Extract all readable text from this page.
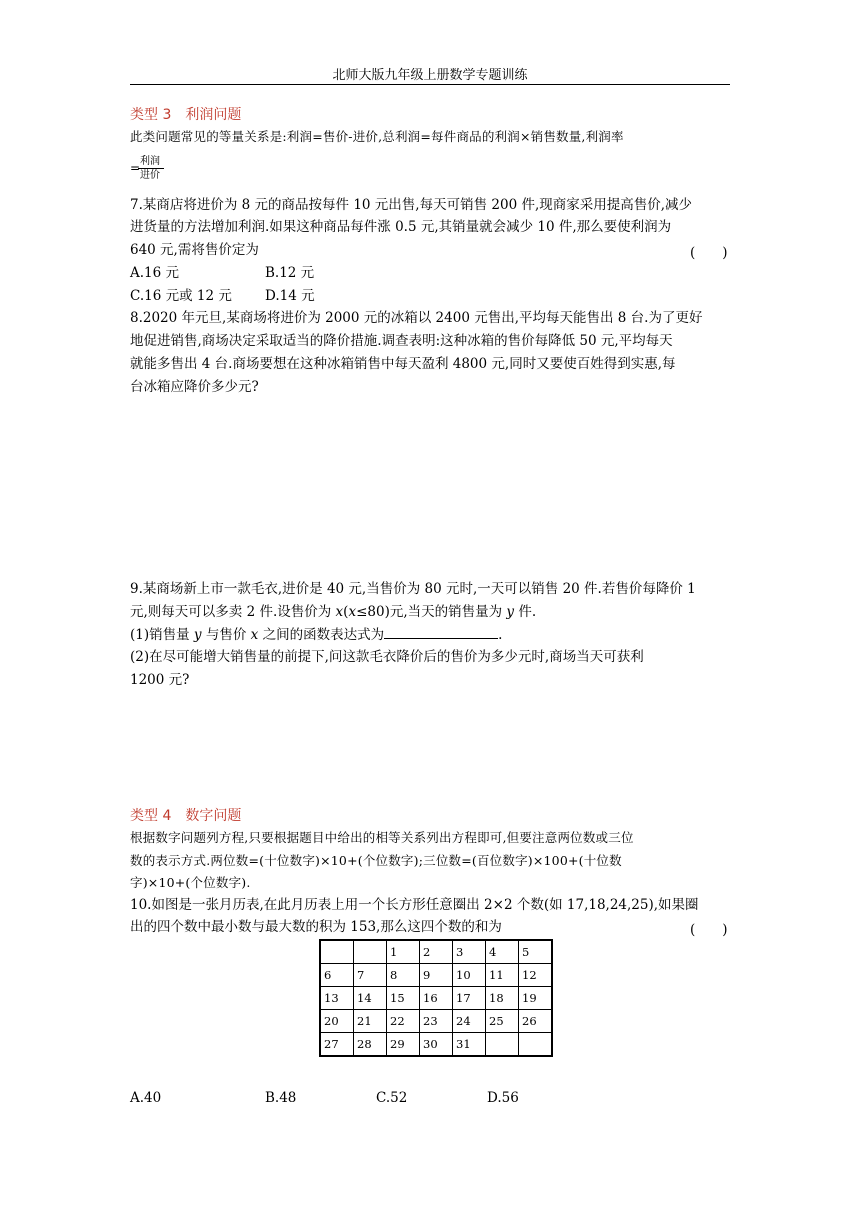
北师大版九年级上册数学专题训练
类型 3　利润问题
此类问题常见的等量关系是:利润=售价-进价,总利润=每件商品的利润×销售数量,利润率
= 利润
进价
7.某商店将进价为 8 元的商品按每件 10 元出售,每天可销售 200 件,现商家采用提高售价,减少
进货量的方法增加利润.如果这种商品每件涨 0.5 元,其销量就会减少 10 件,那么要使利润为
640 元,需将售价定为	(　　)
A.16 元	B.12 元
C.16 元或 12 元 D.14 元
8.2020 年元旦,某商场将进价为 2000 元的冰箱以 2400 元售出,平均每天能售出 8 台.为了更好
地促进销售,商场决定采取适当的降价措施.调查表明:这种冰箱的售价每降低 50 元,平均每天
就能多售出 4 台.商场要想在这种冰箱销售中每天盈利 4800 元,同时又要使百姓得到实惠,每
台冰箱应降价多少元?
9.某商场新上市一款毛衣,进价是 40 元,当售价为 80 元时,一天可以销售 20 件.若售价每降价 1
元,则每天可以多卖 2 件.设售价为 x(x≤80)元,当天的销售量为 y 件.
(1)销售量 y 与售价 x 之间的函数表达式为	.
(2)在尽可能增大销售量的前提下,问这款毛衣降价后的售价为多少元时,商场当天可获利
1200 元?
类型 4　数字问题
根据数字问题列方程,只要根据题目中给出的相等关系列出方程即可,但要注意两位数或三位
数的表示方式.两位数=(十位数字)×10+(个位数字);三位数=(百位数字)×100+(十位数
字)×10+(个位数字).
10.如图是一张月历表,在此月历表上用一个长方形任意圈出 2×2 个数(如 17,18,24,25),如果圈
出的四个数中最小数与最大数的积为 153,那么这四个数的和为	(　　)
		1	2	3	4	5
6	7	8	9	10	11	12
13	14	15	16	17	18	19
20	21	22	23	24	25	26
27	28	29	30	31		
A.40	B.48	C.52	D.56
